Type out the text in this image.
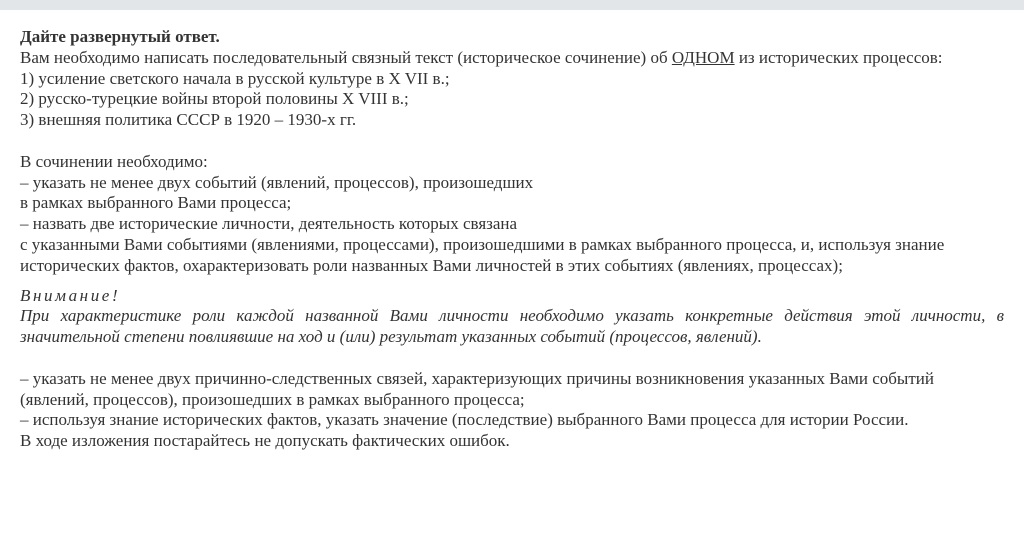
Дайте развернутый ответ.
Вам необходимо написать последовательный связный текст (историческое сочинение) об ОДНОМ из исторических процессов:
1) усиление светского начала в русской культуре в X VII в.;
2) русско-турецкие войны второй половины X VIII в.;
3) внешняя политика СССР в 1920 – 1930-х гг.
В сочинении необходимо:
– указать не менее двух событий (явлений, процессов), произошедших
в рамках выбранного Вами процесса;
– назвать две исторические личности, деятельность которых связана
с указанными Вами событиями (явлениями, процессами), произошедшими в рамках выбранного процесса, и, используя знание исторических фактов, охарактеризовать роли названных Вами личностей в этих событиях (явлениях, процессах);
Внимание!
При характеристике роли каждой названной Вами личности необходимо указать конкретные действия этой личности, в значительной степени повлиявшие на ход и (или) результат указанных событий (процессов, явлений).
– указать не менее двух причинно-следственных связей, характеризующих причины возникновения указанных Вами событий (явлений, процессов), произошедших в рамках выбранного процесса;
– используя знание исторических фактов, указать значение (последствие) выбранного Вами процесса для истории России.
В ходе изложения постарайтесь не допускать фактических ошибок.
